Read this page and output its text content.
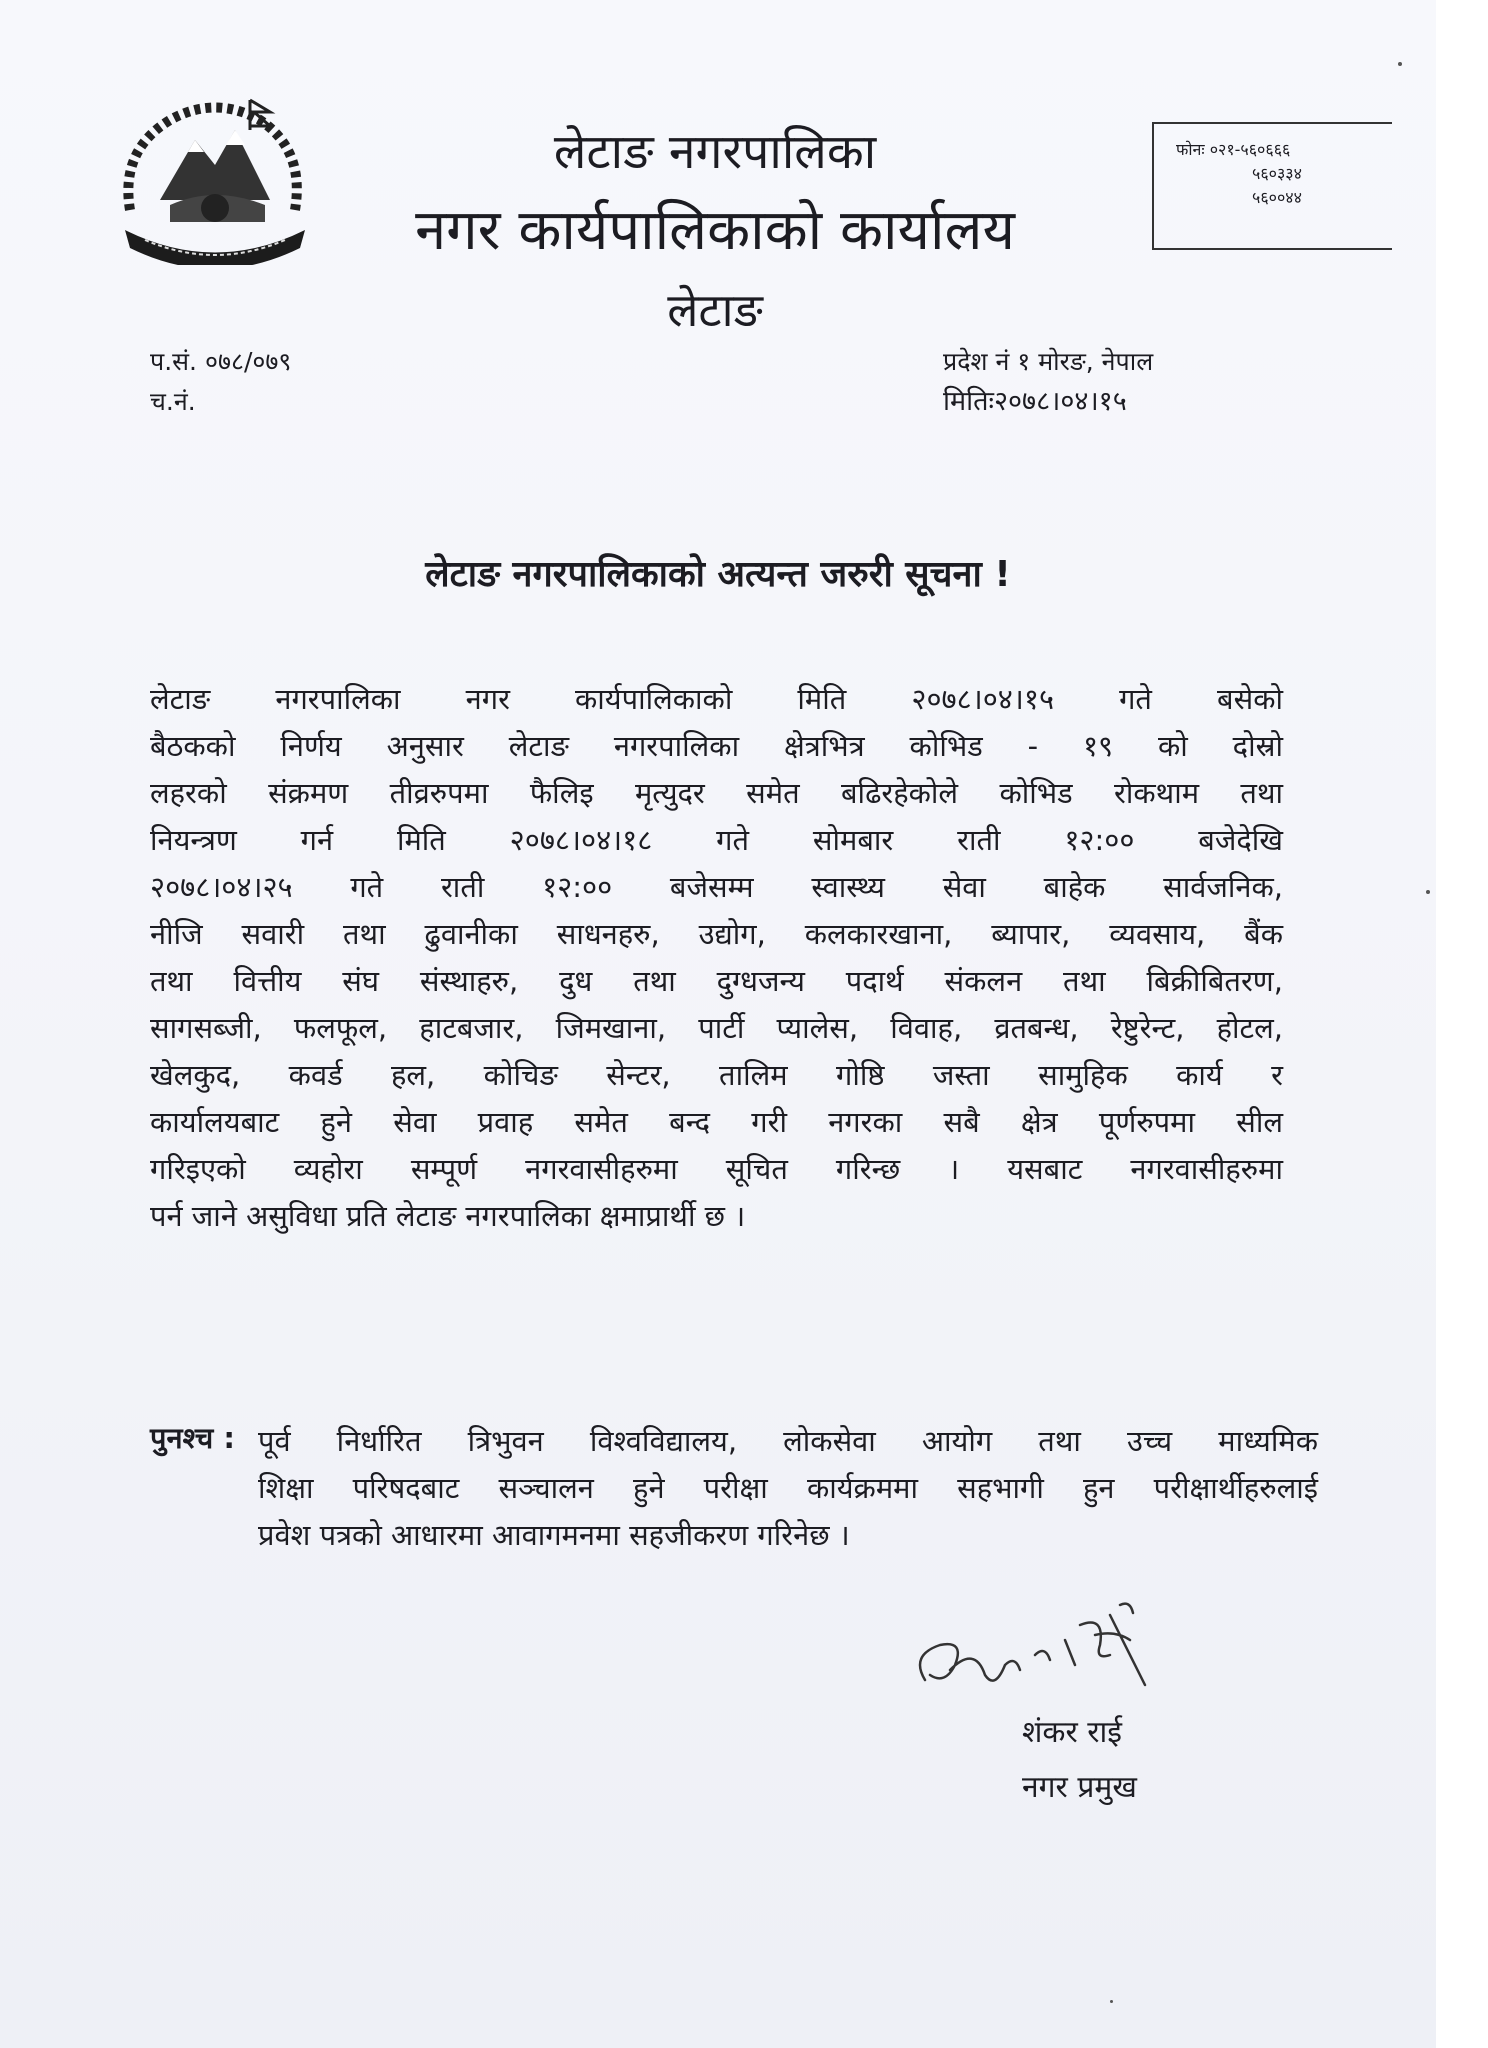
लेटाङ नगरपालिका
नगर कार्यपालिकाको कार्यालय
लेटाङ
फोनः ०२१-५६०६६६
५६०३३४
५६००४४
प.सं. ०७८/०७९
च.नं.
प्रदेश नं १ मोरङ, नेपाल
मितिः२०७८।०४।१५
लेटाङ नगरपालिकाको अत्यन्त जरुरी सूचना !
लेटाङ नगरपालिका नगर कार्यपालिकाको मिति २०७८।०४।१५ गते बसेको
बैठकको निर्णय अनुसार लेटाङ नगरपालिका क्षेत्रभित्र कोभिड - १९ को दोस्रो
लहरको संक्रमण तीव्ररुपमा फैलिइ मृत्युदर समेत बढिरहेकोले कोभिड रोकथाम तथा
नियन्त्रण गर्न मिति २०७८।०४।१८ गते सोमबार राती १२:०० बजेदेखि
२०७८।०४।२५ गते राती १२:०० बजेसम्म स्वास्थ्य सेवा बाहेक सार्वजनिक,
नीजि सवारी तथा ढुवानीका साधनहरु, उद्योग, कलकारखाना, ब्यापार, व्यवसाय, बैंक
तथा वित्तीय संघ संस्थाहरु, दुध तथा दुग्धजन्य पदार्थ संकलन तथा बिक्रीबितरण,
सागसब्जी, फलफूल, हाटबजार, जिमखाना, पार्टी प्यालेस, विवाह, व्रतबन्ध, रेष्टुरेन्ट, होटल,
खेलकुद, कवर्ड हल, कोचिङ सेन्टर, तालिम गोष्ठि जस्ता सामुहिक कार्य र
कार्यालयबाट हुने सेवा प्रवाह समेत बन्द गरी नगरका सबै क्षेत्र पूर्णरुपमा सील
गरिइएको व्यहोरा सम्पूर्ण नगरवासीहरुमा सूचित गरिन्छ । यसबाट नगरवासीहरुमा
पर्न जाने असुविधा प्रति लेटाङ नगरपालिका क्षमाप्रार्थी छ ।
पुनश्च : पूर्व निर्धारित त्रिभुवन विश्वविद्यालय, लोकसेवा आयोग तथा उच्च माध्यमिक
शिक्षा परिषदबाट सञ्चालन हुने परीक्षा कार्यक्रममा सहभागी हुन परीक्षार्थीहरुलाई
प्रवेश पत्रको आधारमा आवागमनमा सहजीकरण गरिनेछ ।
शंकर राई
नगर प्रमुख
